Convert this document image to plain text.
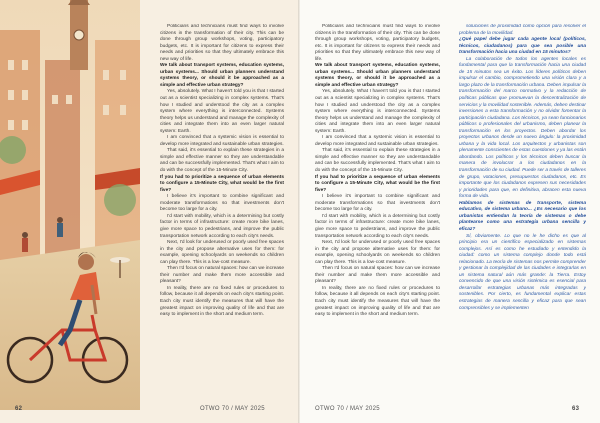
Politicians and technicians must find ways to involve citizens in the transformation of their city. This can be done through group workshops, voting, participatory budgets, etc. It is important for citizens to express their needs and priorities so that they ultimately embrace this new way of life.

We talk about transport systems, education systems, urban systems... Should urban planners understand systems theory, or should it be approached as a simple and effective urban strategy?

Yes, absolutely. What I haven't told you is that I started out as a scientist specializing in complex systems. That's how I studied and understood the city as a complex system where everything is interconnected. Systems theory helps us understand and manage the complexity of cities and integrate them into an even larger natural system: Earth.

I am convinced that a systemic vision is essential to develop more integrated and sustainable urban strategies.

That said, it's essential to explain these strategies in a simple and effective manner so they are understandable and can be successfully implemented. That's what I aim to do with the concept of the 15-Minute City.

If you had to prioritize a sequence of urban elements to configure a 15-Minute City, what would be the first five?

I believe it's important to combine significant and moderate transformations so that investments don't become too large for a city.

I'd start with mobility, which is a determining but costly factor in terms of infrastructure: create more bike lanes, give more space to pedestrians, and improve the public transportation network according to each city's needs.

Next, I'd look for underused or poorly used free spaces in the city and propose alternative uses for them: for example, opening schoolyards on weekends so children can play there. This is a low-cost measure.

Then I'd focus on natural spaces: how can we increase their number and make them more accessible and pleasant?

In reality, there are no fixed rules or procedures to follow, because it all depends on each city's starting point. Each city must identify the measures that will have the greatest impact on improving quality of life and that are easy to implement in the short and medium term.

62	OTWO 70 / MAY 2025

Politicians and technicians must find ways to involve citizens in the transformation of their city. This can be done through group workshops, voting, participatory budgets, etc. It is important for citizens to express their needs and priorities so that they ultimately embrace this new way of life.

We talk about transport systems, education systems, urban systems... Should urban planners understand systems theory, or should it be approached as a simple and effective urban strategy?

Yes, absolutely. What I haven't told you is that I started out as a scientist specializing in complex systems. That's how I studied and understood the city as a complex system where everything is interconnected. Systems theory helps us understand and manage the complexity of cities and integrate them into an even larger natural system: Earth.

I am convinced that a systemic vision is essential to develop more integrated and sustainable urban strategies.

That said, it's essential to explain these strategies in a simple and effective manner so they are understandable and can be successfully implemented. That's what I aim to do with the concept of the 15-Minute City.

If you had to prioritize a sequence of urban elements to configure a 15-Minute City, what would be the first five?

I believe it's important to combine significant and moderate transformations so that investments don't become too large for a city.

I'd start with mobility, which is a determining but costly factor in terms of infrastructure: create more bike lanes, give more space to pedestrians, and improve the public transportation network according to each city's needs.

Next, I'd look for underused or poorly used free spaces in the city and propose alternative uses for them: for example, opening schoolyards on weekends so children can play there. This is a low-cost measure.

Then I'd focus on natural spaces: how can we increase their number and make them more accessible and pleasant?

In reality, there are no fixed rules or procedures to follow, because it all depends on each city's starting point. Each city must identify the measures that will have the greatest impact on improving quality of life and that are easy to implement in the short and medium term.

soluciones de proximidad como opción para resolver el problema de la movilidad.

¿Qué papel debe jugar cada agente local (políticos, técnicos, ciudadanos) para que sea posible una transformación hacia una ciudad en 15 minutos?

La colaboración de todos los agentes locales es fundamental para que la transformación hacia una ciudad de 15 minutos sea un éxito. Los líderes políticos deben impulsar el cambio, comprometiendo una visión clara y a largo plazo de la transformación urbana. Deben impulsar la transformación del marco normativo y la redacción de políticas públicas que promuevan la descentralización de servicios y la movilidad sostenible. Además, deben destinar inversiones a esta transformación y no olvidar fomentar la participación ciudadana. Los técnicos, ya sean funcionarios públicos o profesionales del urbanismo, deben planear la transformación en los proyectos. Deben abordar los proyectos urbanos desde un nuevo ángulo: la proximidad urbana y la vida local. Los arquitectos y urbanistas son plenamente conscientes de estas cuestiones y ya las están abordando. Los políticos y los técnicos deben buscar la manera de involucrar a los ciudadanos en la transformación de su ciudad. Puede ser a través de talleres de grupo, votaciones, presupuestos ciudadanos, etc. Es importante que los ciudadanos expresen sus necesidades y prioridades para que, en definitiva, abracen esta nueva forma de vida.

Hablamos de sistemas de transporte, sistema educativo, de sistema urbano... ¿Es necesario que los urbanistas entiendan la teoría de sistemas o debe plantearse como una estrategia urbana sencilla y eficaz?

Sí, obviamente. Lo que no le he dicho es que al principio era un científico especializado en sistemas complejos. Así es como he estudiado y entendido la ciudad: como un sistema complejo donde todo está relacionado. La teoría de sistemas nos permite comprender y gestionar la complejidad de las ciudades e integrarlas en un sistema natural aún más grande: la Tierra. Estoy convencido de que una visión sistémica es esencial para desarrollar estrategias urbanas más integradas y sostenibles. Por cierto, es fundamental explicar estas estrategias de manera sencilla y eficaz para que sean comprensibles y se implementen

OTWO 70 / MAY 2025	63
